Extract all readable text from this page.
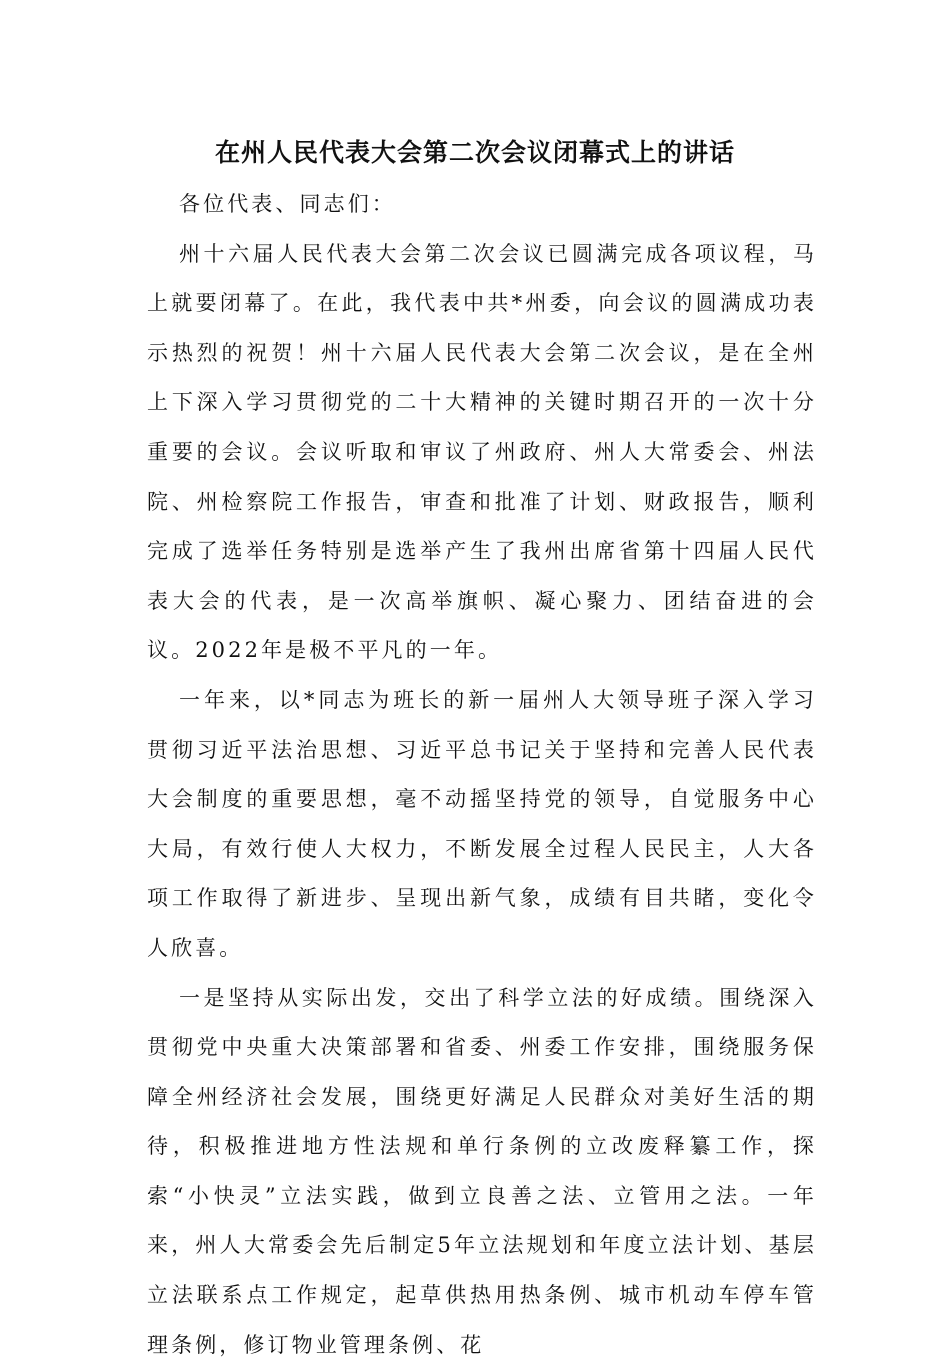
在州人民代表大会第二次会议闭幕式上的讲话

各位代表、同志们：

州十六届人民代表大会第二次会议已圆满完成各项议程，马上就要闭幕了。在此，我代表中共*州委，向会议的圆满成功表示热烈的祝贺！州十六届人民代表大会第二次会议，是在全州上下深入学习贯彻党的二十大精神的关键时期召开的一次十分重要的会议。会议听取和审议了州政府、州人大常委会、州法院、州检察院工作报告，审查和批准了计划、财政报告，顺利完成了选举任务特别是选举产生了我州出席省第十四届人民代表大会的代表，是一次高举旗帜、凝心聚力、团结奋进的会议。2022年是极不平凡的一年。

一年来，以*同志为班长的新一届州人大领导班子深入学习贯彻习近平法治思想、习近平总书记关于坚持和完善人民代表大会制度的重要思想，毫不动摇坚持党的领导，自觉服务中心大局，有效行使人大权力，不断发展全过程人民民主，人大各项工作取得了新进步、呈现出新气象，成绩有目共睹，变化令人欣喜。

一是坚持从实际出发，交出了科学立法的好成绩。围绕深入贯彻党中央重大决策部署和省委、州委工作安排，围绕服务保障全州经济社会发展，围绕更好满足人民群众对美好生活的期待，积极推进地方性法规和单行条例的立改废释纂工作，探索“小快灵”立法实践，做到立良善之法、立管用之法。一年来，州人大常委会先后制定5年立法规划和年度立法计划、基层立法联系点工作规定，起草供热用热条例、城市机动车停车管理条例，修订物业管理条例、花
